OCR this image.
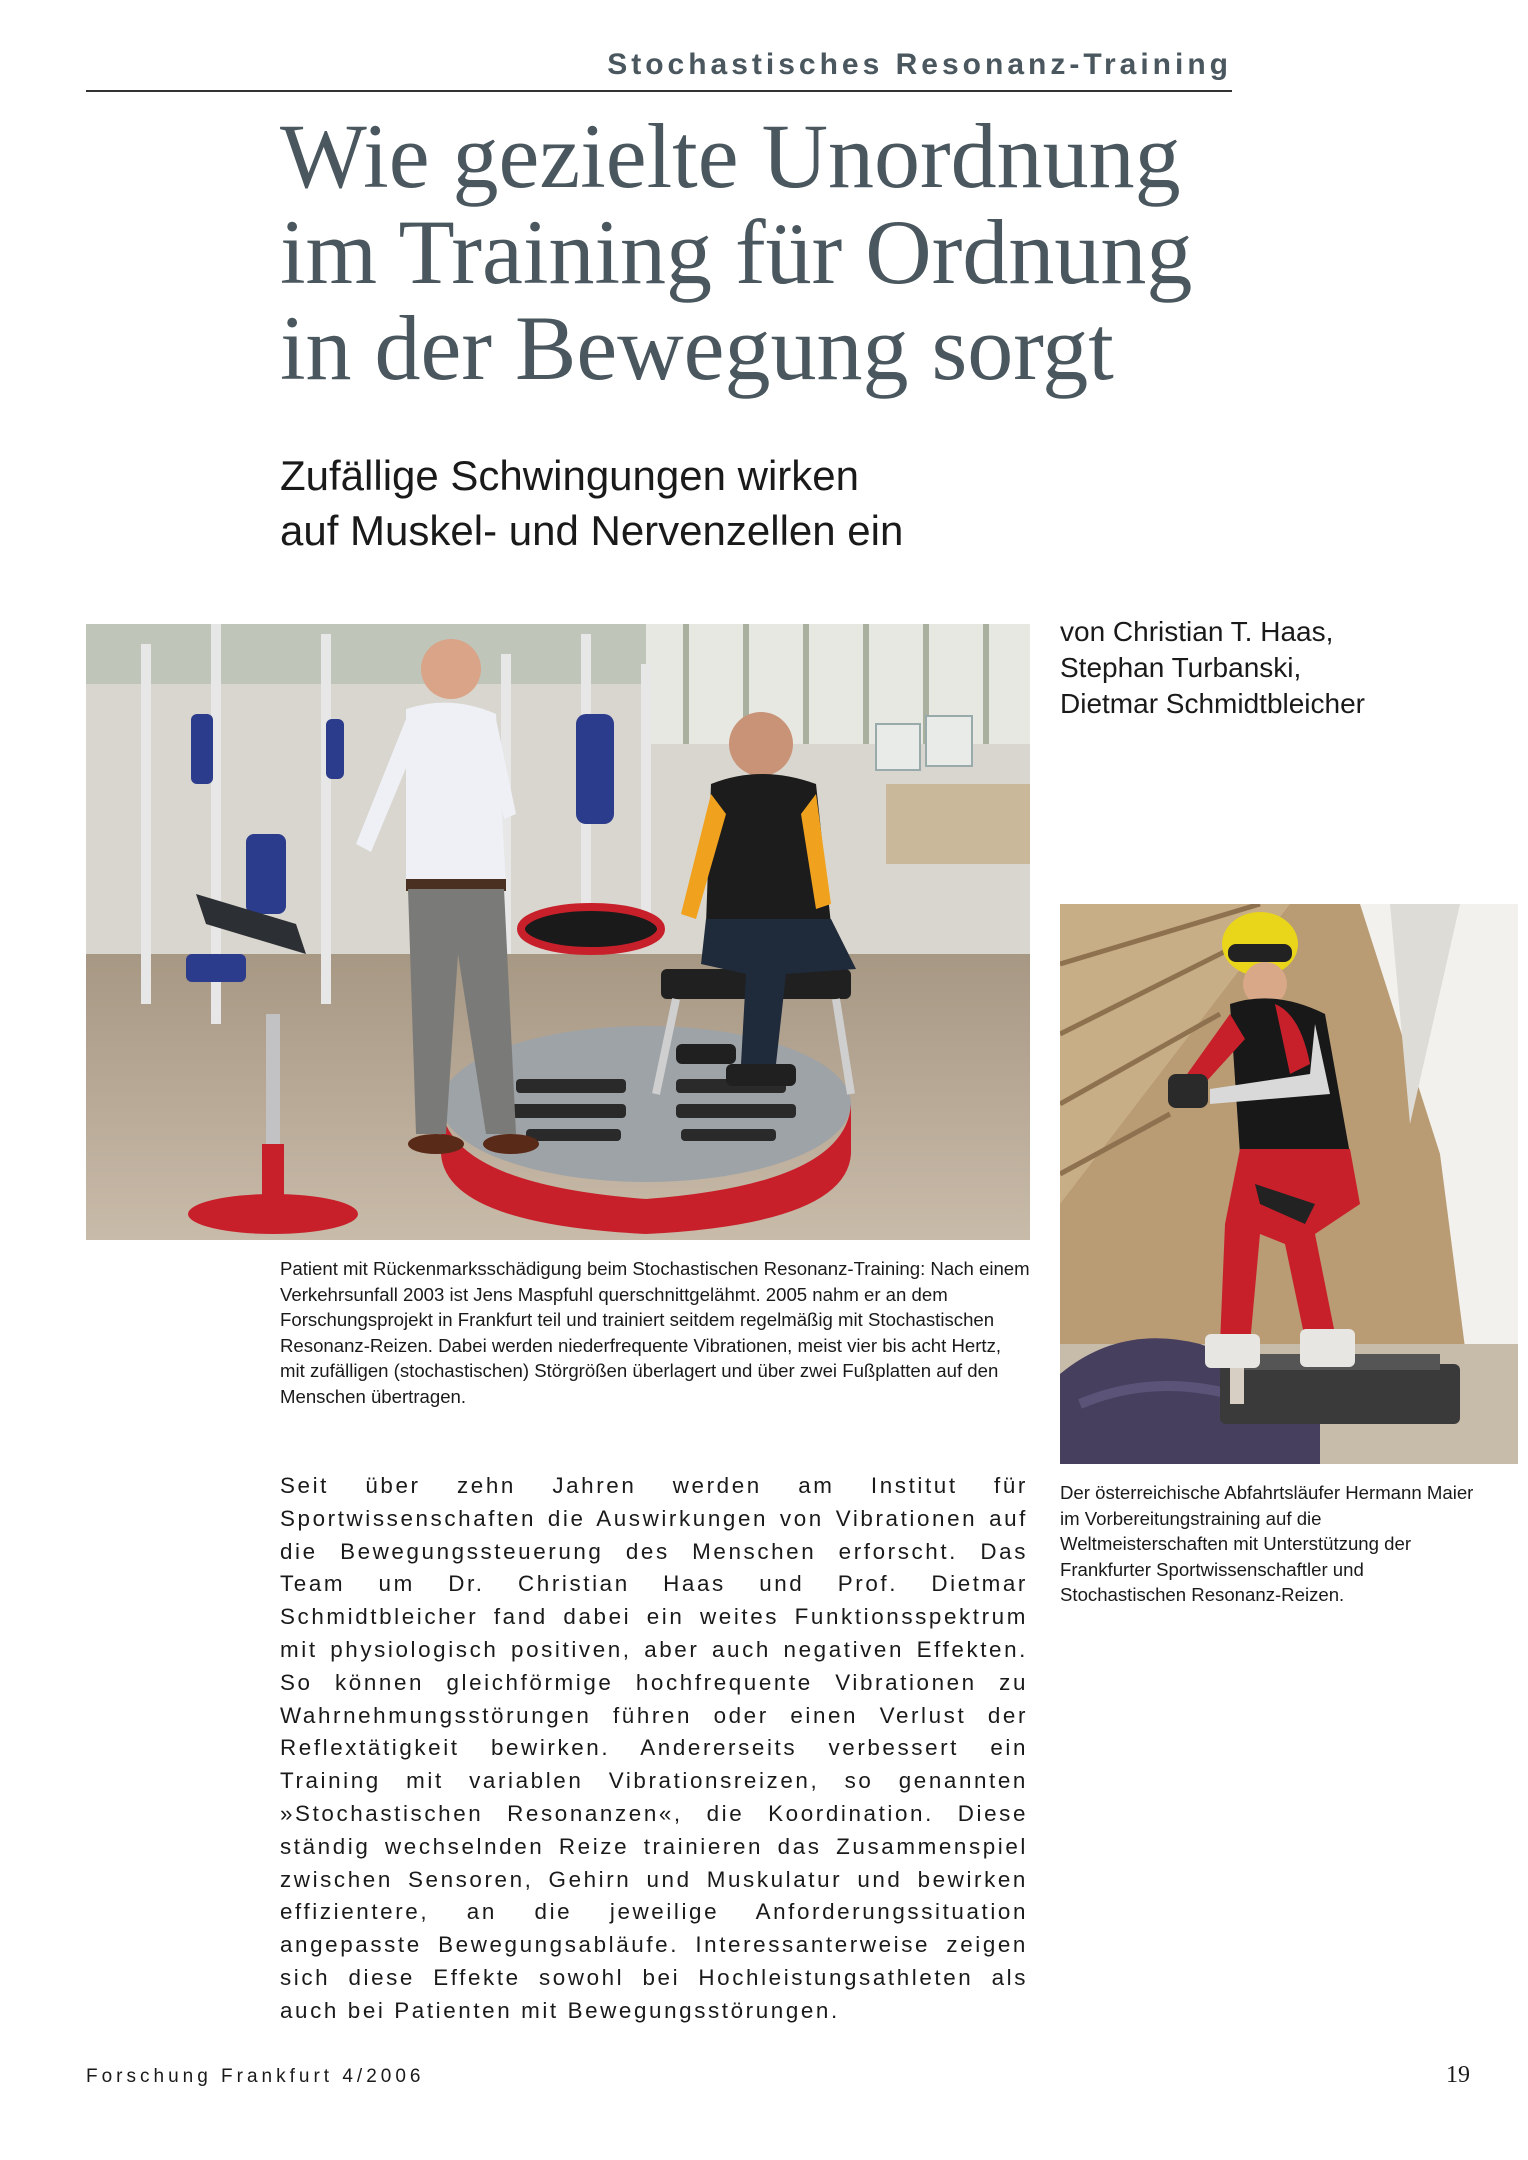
Stochastisches Resonanz-Training
Wie gezielte Unordnung
im Training für Ordnung
in der Bewegung sorgt
Zufällige Schwingungen wirken
auf Muskel- und Nervenzellen ein
von Christian T. Haas,
Stephan Turbanski,
Dietmar Schmidtbleicher

Patient mit Rückenmarksschädigung beim Stochastischen Resonanz-Training: Nach einem Verkehrsunfall 2003 ist Jens Maspfuhl querschnittgelähmt. 2005 nahm er an dem Forschungsprojekt in Frankfurt teil und trainiert seitdem regelmäßig mit Stochastischen Resonanz-Reizen. Dabei werden niederfrequente Vibrationen, meist vier bis acht Hertz, mit zufälligen (stochastischen) Störgrößen überlagert und über zwei Fußplatten auf den Menschen übertragen.

Der österreichische Abfahrtsläufer Hermann Maier im Vorbereitungstraining auf die Weltmeisterschaften mit Unterstützung der Frankfurter Sportwissenschaftler und Stochastischen Resonanz-Reizen.

Seit über zehn Jahren werden am Institut für Sportwissenschaften die Auswirkungen von Vibrationen auf die Bewegungssteuerung des Menschen erforscht. Das Team um Dr. Christian Haas und Prof. Dietmar Schmidtbleicher fand dabei ein weites Funktionsspektrum mit physiologisch positiven, aber auch negativen Effekten. So können gleichförmige hochfrequente Vibrationen zu Wahrnehmungsstörungen führen oder einen Verlust der Reflextätigkeit bewirken. Andererseits verbessert ein Training mit variablen Vibrationsreizen, so genannten »Stochastischen Resonanzen«, die Koordination. Diese ständig wechselnden Reize trainieren das Zusammenspiel zwischen Sensoren, Gehirn und Muskulatur und bewirken effizientere, an die jeweilige Anforderungssituation angepasste Bewegungsabläufe. Interessanterweise zeigen sich diese Effekte sowohl bei Hochleistungsathleten als auch bei Patienten mit Bewegungsstörungen.

Forschung Frankfurt 4/2006	19
